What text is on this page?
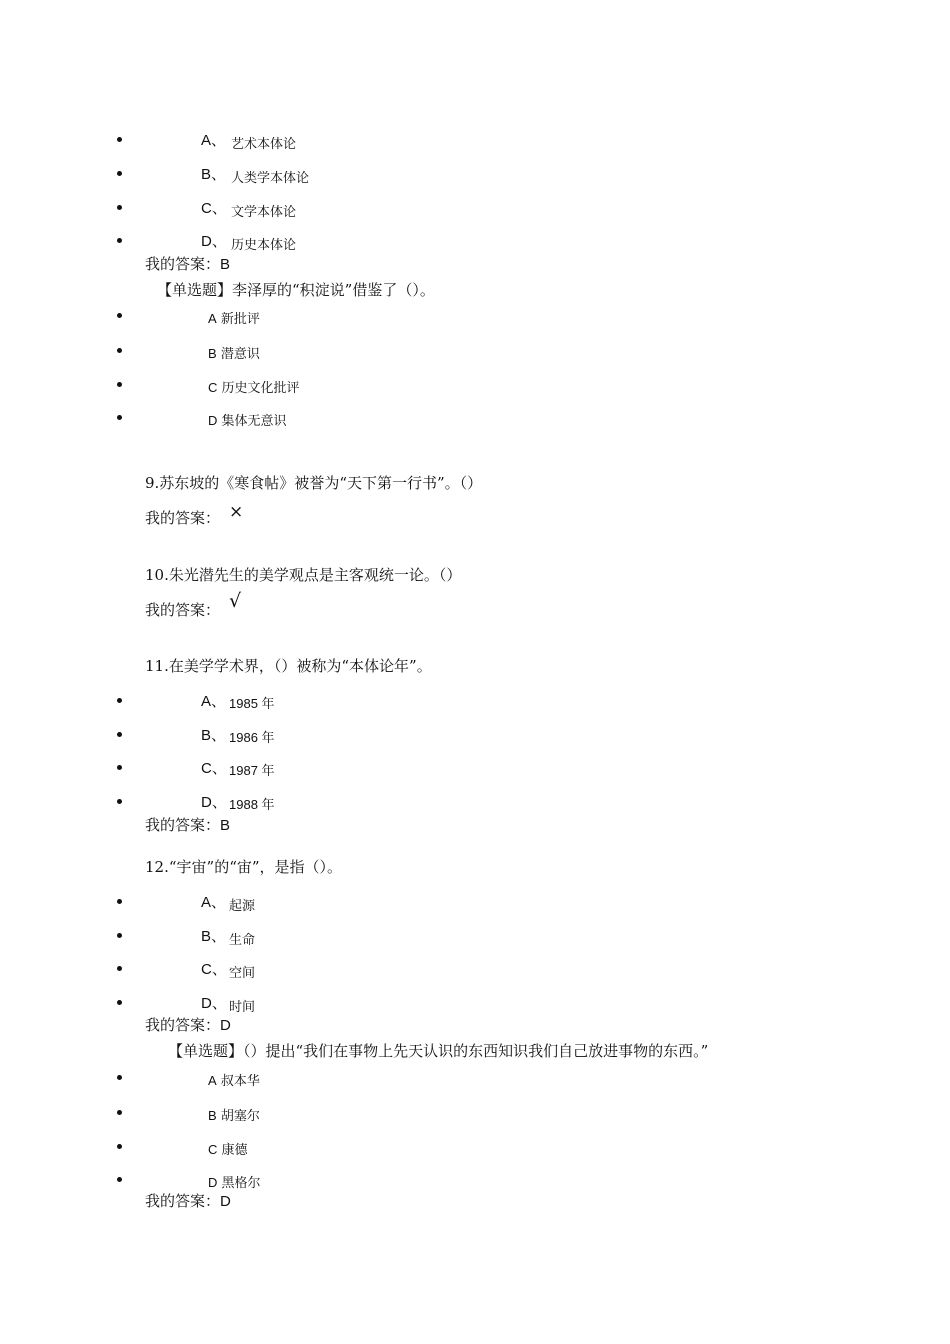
A、 艺术本体论
B、 人类学本体论
C、 文学本体论
D、 历史本体论
我的答案：B
【单选题】李泽厚的“积淀说”借鉴了（）。
A 新批评
B 潜意识
C 历史文化批评
D 集体无意识
9.苏东坡的《寒食帖》被誉为“天下第一行书”。（）
我的答案： ×
10.朱光潜先生的美学观点是主客观统一论。（）
我的答案： √
11.在美学学术界，（）被称为“本体论年”。
A、 1985 年
B、 1986 年
C、 1987 年
D、 1988 年
我的答案：B
12.“宇宙”的“宙”，是指（）。
A、 起源
B、 生命
C、 空间
D、 时间
我的答案：D
【单选题】（）提出“我们在事物上先天认识的东西知识我们自己放进事物的东西。”
A 叔本华
B 胡塞尔
C 康德
D 黑格尔
我的答案：D
